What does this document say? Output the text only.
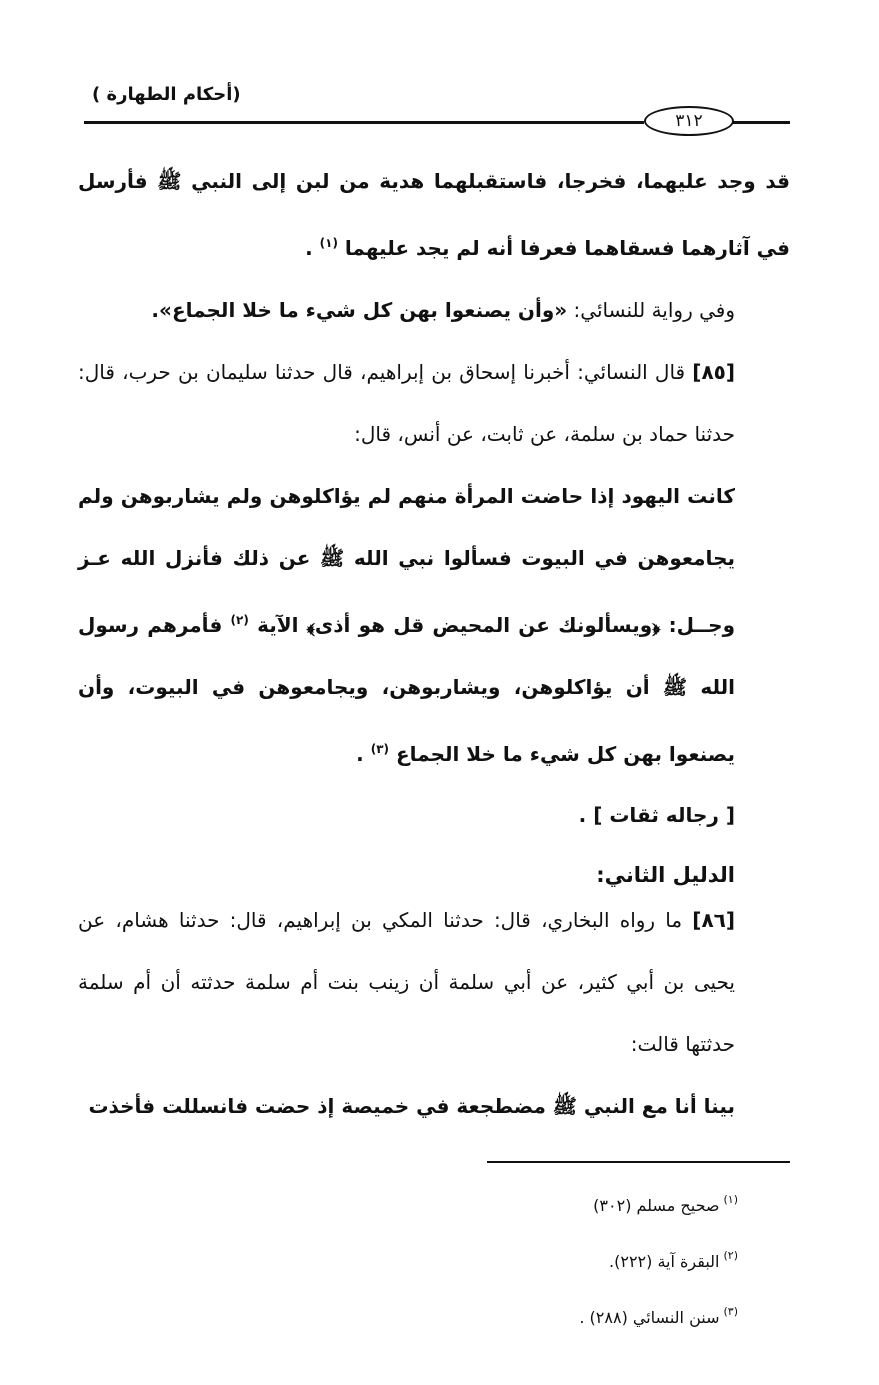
(أحكام الطهارة )
٣١٢

قد وجد عليهما، فخرجا، فاستقبلهما هدية من لبن إلى النبي ﷺ فأرسل في آثارهما فسقاهما فعرفا أنه لم يجد عليهما $^{(١)}$ .

وفي رواية للنسائي: «وأن يصنعوا بهن كل شيء ما خلا الجماع».

[٨٥] قال النسائي: أخبرنا إسحاق بن إبراهيم، قال حدثنا سليمان بن حرب، قال: حدثنا حماد بن سلمة، عن ثابت، عن أنس، قال:

كانت اليهود إذا حاضت المرأة منهم لم يؤاكلوهن ولم يشاربوهن ولم يجامعوهن في البيوت فسألوا نبي الله ﷺ عن ذلك فأنزل الله عـز وجــل: ﴿ويسألونك عن المحيض قل هو أذى﴾ الآية $^{(٢)}$ فأمرهم رسول الله ﷺ أن يؤاكلوهن، ويشاربوهن، ويجامعوهن في البيوت، وأن يصنعوا بهن كل شيء ما خلا الجماع $^{(٣)}$ .

[ رجاله ثقات ] .

الدليل الثاني:

[٨٦] ما رواه البخاري، قال: حدثنا المكي بن إبراهيم، قال: حدثنا هشام، عن يحيى بن أبي كثير، عن أبي سلمة أن زينب بنت أم سلمة حدثته أن أم سلمة حدثتها قالت:

بينا أنا مع النبي ﷺ مضطجعة في خميصة إذ حضت فانسللت فأخذت

$^{(١)}$صحيح مسلم (٣٠٢)

$^{(٢)}$البقرة آية (٢٢٢).

$^{(٣)}$سنن النسائي (٢٨٨) .
